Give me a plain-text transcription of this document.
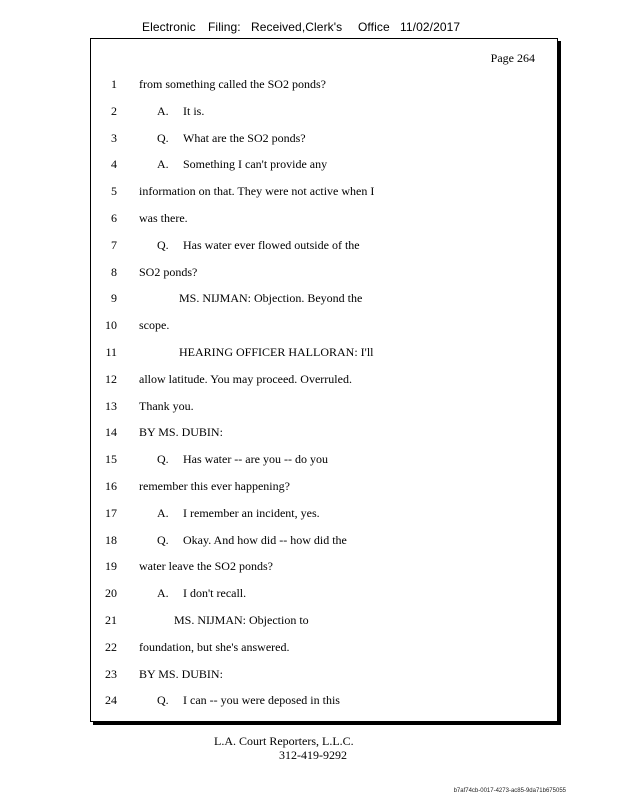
Electronic

Filing:

Received,Clerk's

Office

11/02/2017

Page 264
1 from something called the SO2 ponds?
2	A. It is.
3	Q. What are the SO2 ponds?
4	A. Something I can't provide any
5 information on that. They were not active when I
6 was there.
7	Q. Has water ever flowed outside of the
8 SO2 ponds?
9	MS. NIJMAN: Objection. Beyond the
10 scope.
11	HEARING OFFICER HALLORAN: I'll
12 allow latitude. You may proceed. Overruled.
13 Thank you.
14 BY MS. DUBIN:
15	Q. Has water -- are you -- do you
16 remember this ever happening?
17	A. I remember an incident, yes.
18	Q. Okay. And how did -- how did the
19 water leave the SO2 ponds?
20	A. I don't recall.
21	MS. NIJMAN: Objection to
22 foundation, but she's answered.
23 BY MS. DUBIN:
24	Q. I can -- you were deposed in this
L.A. Court Reporters, L.L.C.
312-419-9292
b7af74cb-0017-4273-ac85-9da71b675055
